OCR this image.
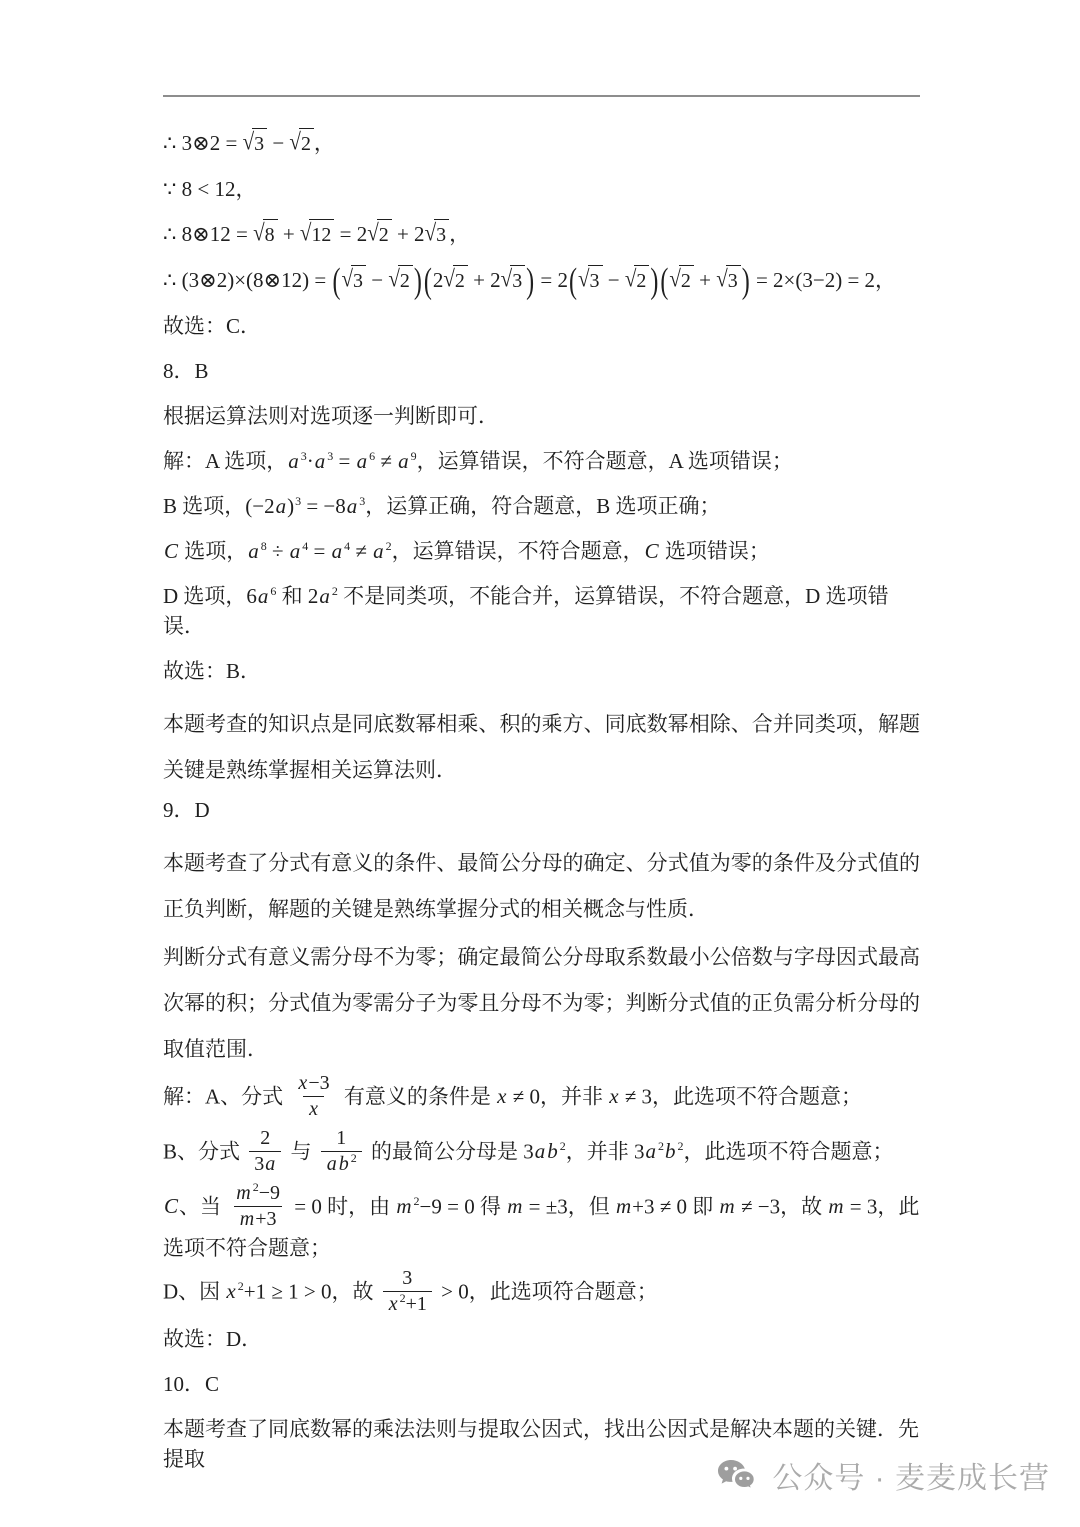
∴ 3⊗2 = √3 − √2 ，
∵ 8 < 12，
∴ 8⊗12 = √8 + √12 = 2√2 + 2√3 ，
∴ (3⊗2)×(8⊗12) = (√3 − √2 )(2√2 + 2√3 ) = 2(√3 − √2 )(√2 + √3 ) = 2×(3−2) = 2，
故选：C．
8．B
根据运算法则对选项逐一判断即可．
解：A 选项，a $^3$·a $^3$ = a $^6$ ≠ a $^9$，运算错误，不符合题意，A 选项错误；
B 选项，$(-2a)^3 = -8a$ $^3$，运算正确，符合题意，B 选项正确；
C 选项，a $^8$ ÷ a $^4$ = a $^4$ ≠ a $^2$，运算错误，不符合题意，C 选项错误；
D 选项，6a $^6$ 和 2a $^2$ 不是同类项，不能合并，运算错误，不符合题意，D 选项错误．
故选：B．
本题考查的知识点是同底数幂相乘、积的乘方、同底数幂相除、合并同类项，解题关键是熟练掌握相关运算法则．
9．D
本题考查了分式有意义的条件、最简公分母的确定、分式值为零的条件及分式值的正负判断，解题的关键是熟练掌握分式的相关概念与性质．
判断分式有意义需分母不为零；确定最简公分母取系数最小公倍数与字母因式最高次幂的积；分式值为零需分子为零且分母不为零；判断分式值的正负需分析分母的取值范围．
解：A、分式 $\frac{x-3}{x}$ 有意义的条件是 x ≠ 0，并非 x ≠ 3，此选项不符合题意；
B、分式 $\frac{2}{3a}$ 与 $\frac{1}{a b ^2}$ 的最简公分母是 3ab $^2$，并非 3a $^2$b $^2$，此选项不符合题意；
C、当 $\frac{m ^2-9}{m+3} = 0$ 时，由 m $^2$−9 = 0 得 m = ±3，但 m+3 ≠ 0 即 m ≠ −3，故 m = 3，此选项不符合题意；
D、因 x $^2$+1 ≥ 1 > 0，故 $\frac{3}{x ^2+1} > 0$，此选项符合题意；
故选：D．
10．C
本题考查了同底数幂的乘法法则与提取公因式，找出公因式是解决本题的关键．先提取
公众号 · 麦麦成长营
